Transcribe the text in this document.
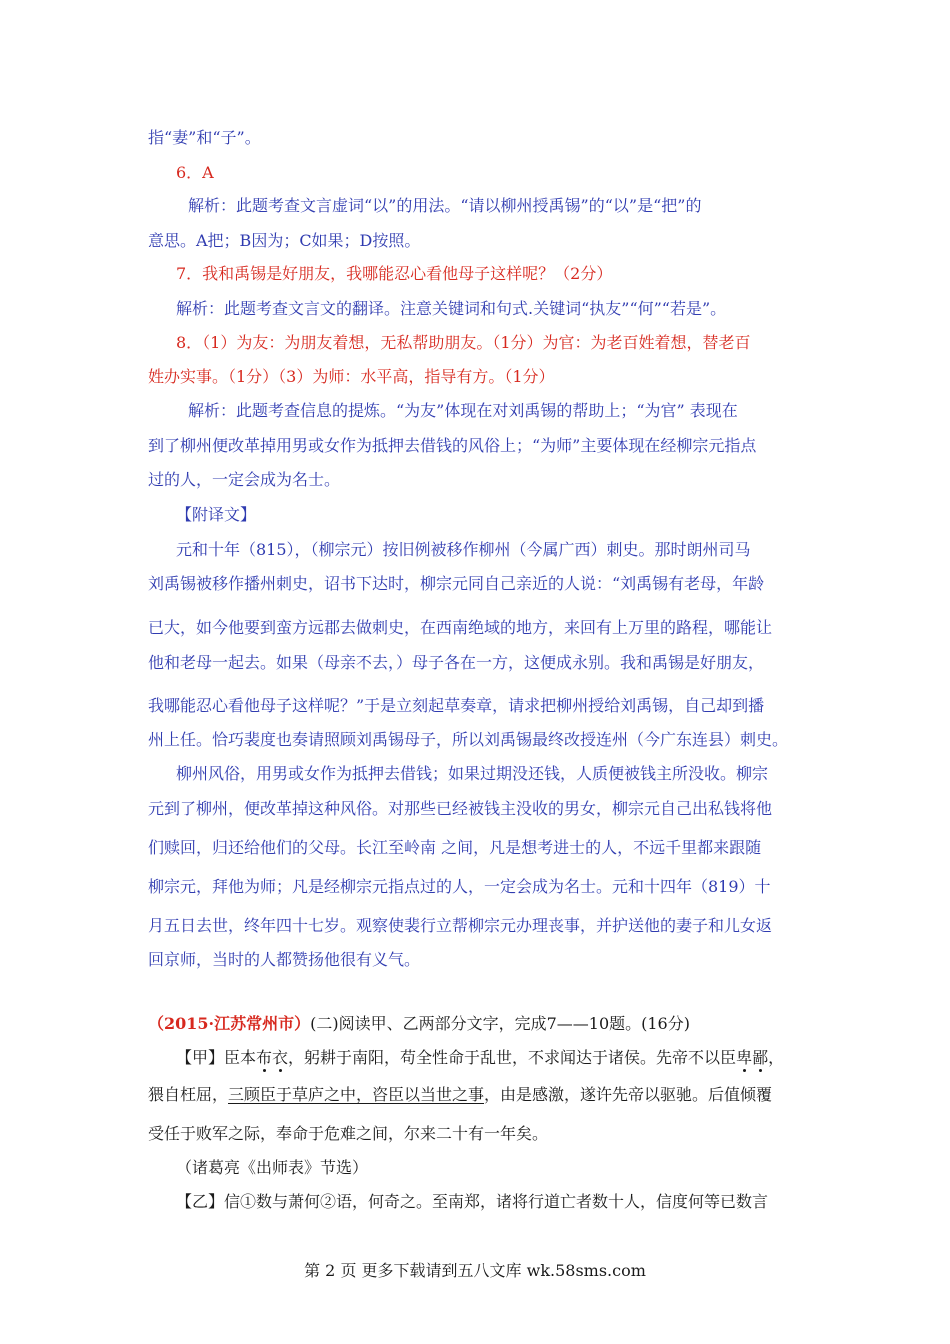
指“妻”和“子”。
6．A
解析：此题考查文言虚词“以”的用法。“请以柳州授禹锡”的“以”是“把”的
意思。A把；B因为；C如果；D按照。
7．我和禹锡是好朋友，我哪能忍心看他母子这样呢？（2分）
解析：此题考查文言文的翻译。注意关键词和句式.关键词“执友”“何”“若是”。
8．（1）为友：为朋友着想，无私帮助朋友。（1分）为官：为老百姓着想，替老百
姓办实事。（1分）（3）为师：水平高，指导有方。（1分）
解析：此题考查信息的提炼。“为友”体现在对刘禹锡的帮助上；“为官” 表现在
到了柳州便改革掉用男或女作为抵押去借钱的风俗上；“为师”主要体现在经柳宗元指点
过的人，一定会成为名士。
【附译文】
元和十年（815），（柳宗元）按旧例被移作柳州（今属广西）刺史。那时朗州司马
刘禹锡被移作播州刺史，诏书下达时，柳宗元同自己亲近的人说：“刘禹锡有老母，年龄
已大，如今他要到蛮方远郡去做刺史，在西南绝域的地方，来回有上万里的路程，哪能让
他和老母一起去。如果（母亲不去，）母子各在一方，这便成永别。我和禹锡是好朋友，
我哪能忍心看他母子这样呢？”于是立刻起草奏章，请求把柳州授给刘禹锡，自己却到播
州上任。恰巧裴度也奏请照顾刘禹锡母子，所以刘禹锡最终改授连州（今广东连县）刺史。
柳州风俗，用男或女作为抵押去借钱；如果过期没还钱，人质便被钱主所没收。柳宗
元到了柳州，便改革掉这种风俗。对那些已经被钱主没收的男女，柳宗元自己出私钱将他
们赎回，归还给他们的父母。长江至岭南 之间，凡是想考进士的人，不远千里都来跟随
柳宗元，拜他为师；凡是经柳宗元指点过的人，一定会成为名士。元和十四年（819）十
月五日去世，终年四十七岁。观察使裴行立帮柳宗元办理丧事，并护送他的妻子和儿女返
回京师，当时的人都赞扬他很有义气。
（2015·江苏常州市）(二)阅读甲、乙两部分文字，完成7——10题。(16分)
【甲】臣本布衣，躬耕于南阳，苟全性命于乱世，不求闻达于诸侯。先帝不以臣卑鄙，
猥自枉屈，三顾臣于草庐之中，咨臣以当世之事，由是感激，遂许先帝以驱驰。后值倾覆
受任于败军之际，奉命于危难之间，尔来二十有一年矣。
（诸葛亮《出师表》节选）
【乙】信①数与萧何②语，何奇之。至南郑，诸将行道亡者数十人，信度何等已数言
第 2 页 更多下载请到五八文库 wk.58sms.com
